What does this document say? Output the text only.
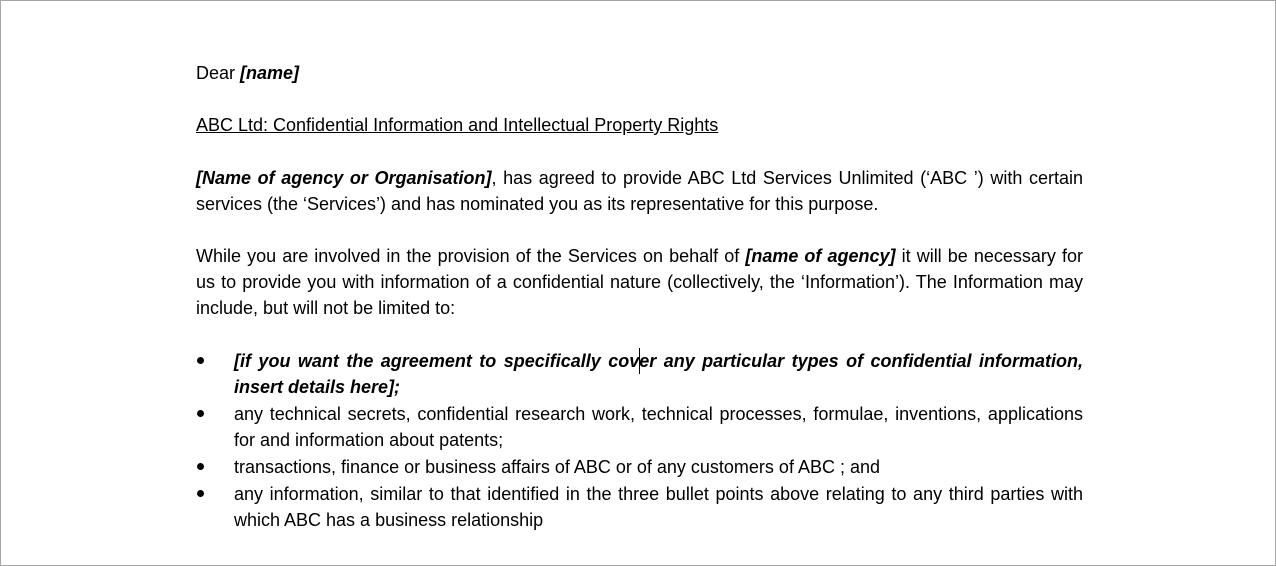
Dear [name]

ABC Ltd: Confidential Information and Intellectual Property Rights

[Name of agency or Organisation], has agreed to provide ABC Ltd Services Unlimited (‘ABC ’) with certain services (the ‘Services’) and has nominated you as its representative for this purpose.

While you are involved in the provision of the Services on behalf of [name of agency] it will be necessary for us to provide you with information of a confidential nature (collectively, the ‘Information’). The Information may include, but will not be limited to:

[if you want the agreement to specifically cover any particular types of confidential information, insert details here];
any technical secrets, confidential research work, technical processes, formulae, inventions, applications for and information about patents;
transactions, finance or business affairs of ABC or of any customers of ABC ; and
any information, similar to that identified in the three bullet points above relating to any third parties with which ABC has a business relationship
